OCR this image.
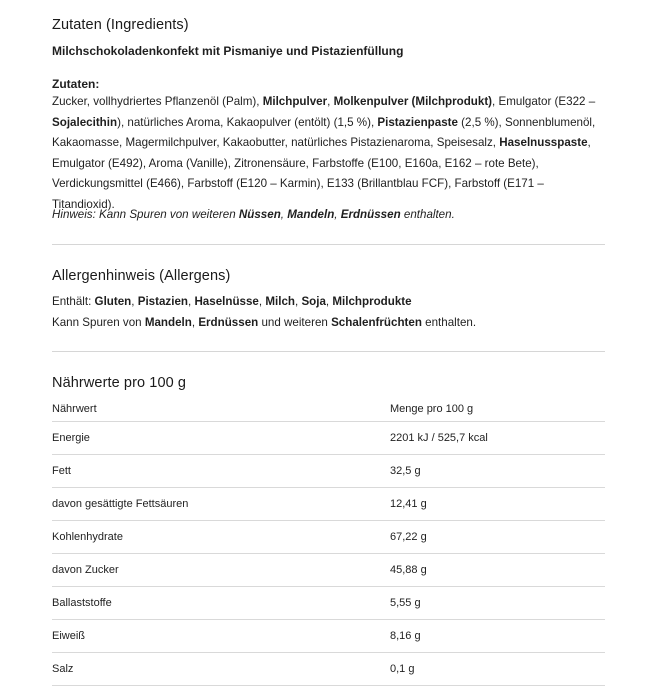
Zutaten (Ingredients)

Milchschokoladenkonfekt mit Pismaniye und Pistazienfüllung

Zutaten:

Zucker, vollhydriertes Pflanzenöl (Palm), Milchpulver, Molkenpulver (Milchprodukt), Emulgator (E322 – Sojalecithin), natürliches Aroma, Kakaopulver (entölt) (1,5 %), Pistazienpaste (2,5 %), Sonnenblumenöl, Kakaomasse, Magermilchpulver, Kakaobutter, natürliches Pistazienaroma, Speisesalz, Haselnusspaste, Emulgator (E492), Aroma (Vanille), Zitronensäure, Farbstoffe (E100, E160a, E162 – rote Bete), Verdickungsmittel (E466), Farbstoff (E120 – Karmin), E133 (Brillantblau FCF), Farbstoff (E171 – Titandioxid).

Hinweis: Kann Spuren von weiteren Nüssen, Mandeln, Erdnüssen enthalten.

Allergenhinweis (Allergens)

Enthält: Gluten, Pistazien, Haselnüsse, Milch, Soja, Milchprodukte

Kann Spuren von Mandeln, Erdnüssen und weiteren Schalenfrüchten enthalten.

Nährwerte pro 100 g
Nährwert	Menge pro 100 g
Energie	2201 kJ / 525,7 kcal
Fett	32,5 g
davon gesättigte Fettsäuren	12,41 g
Kohlenhydrate	67,22 g
davon Zucker	45,88 g
Ballaststoffe	5,55 g
Eiweiß	8,16 g
Salz	0,1 g
